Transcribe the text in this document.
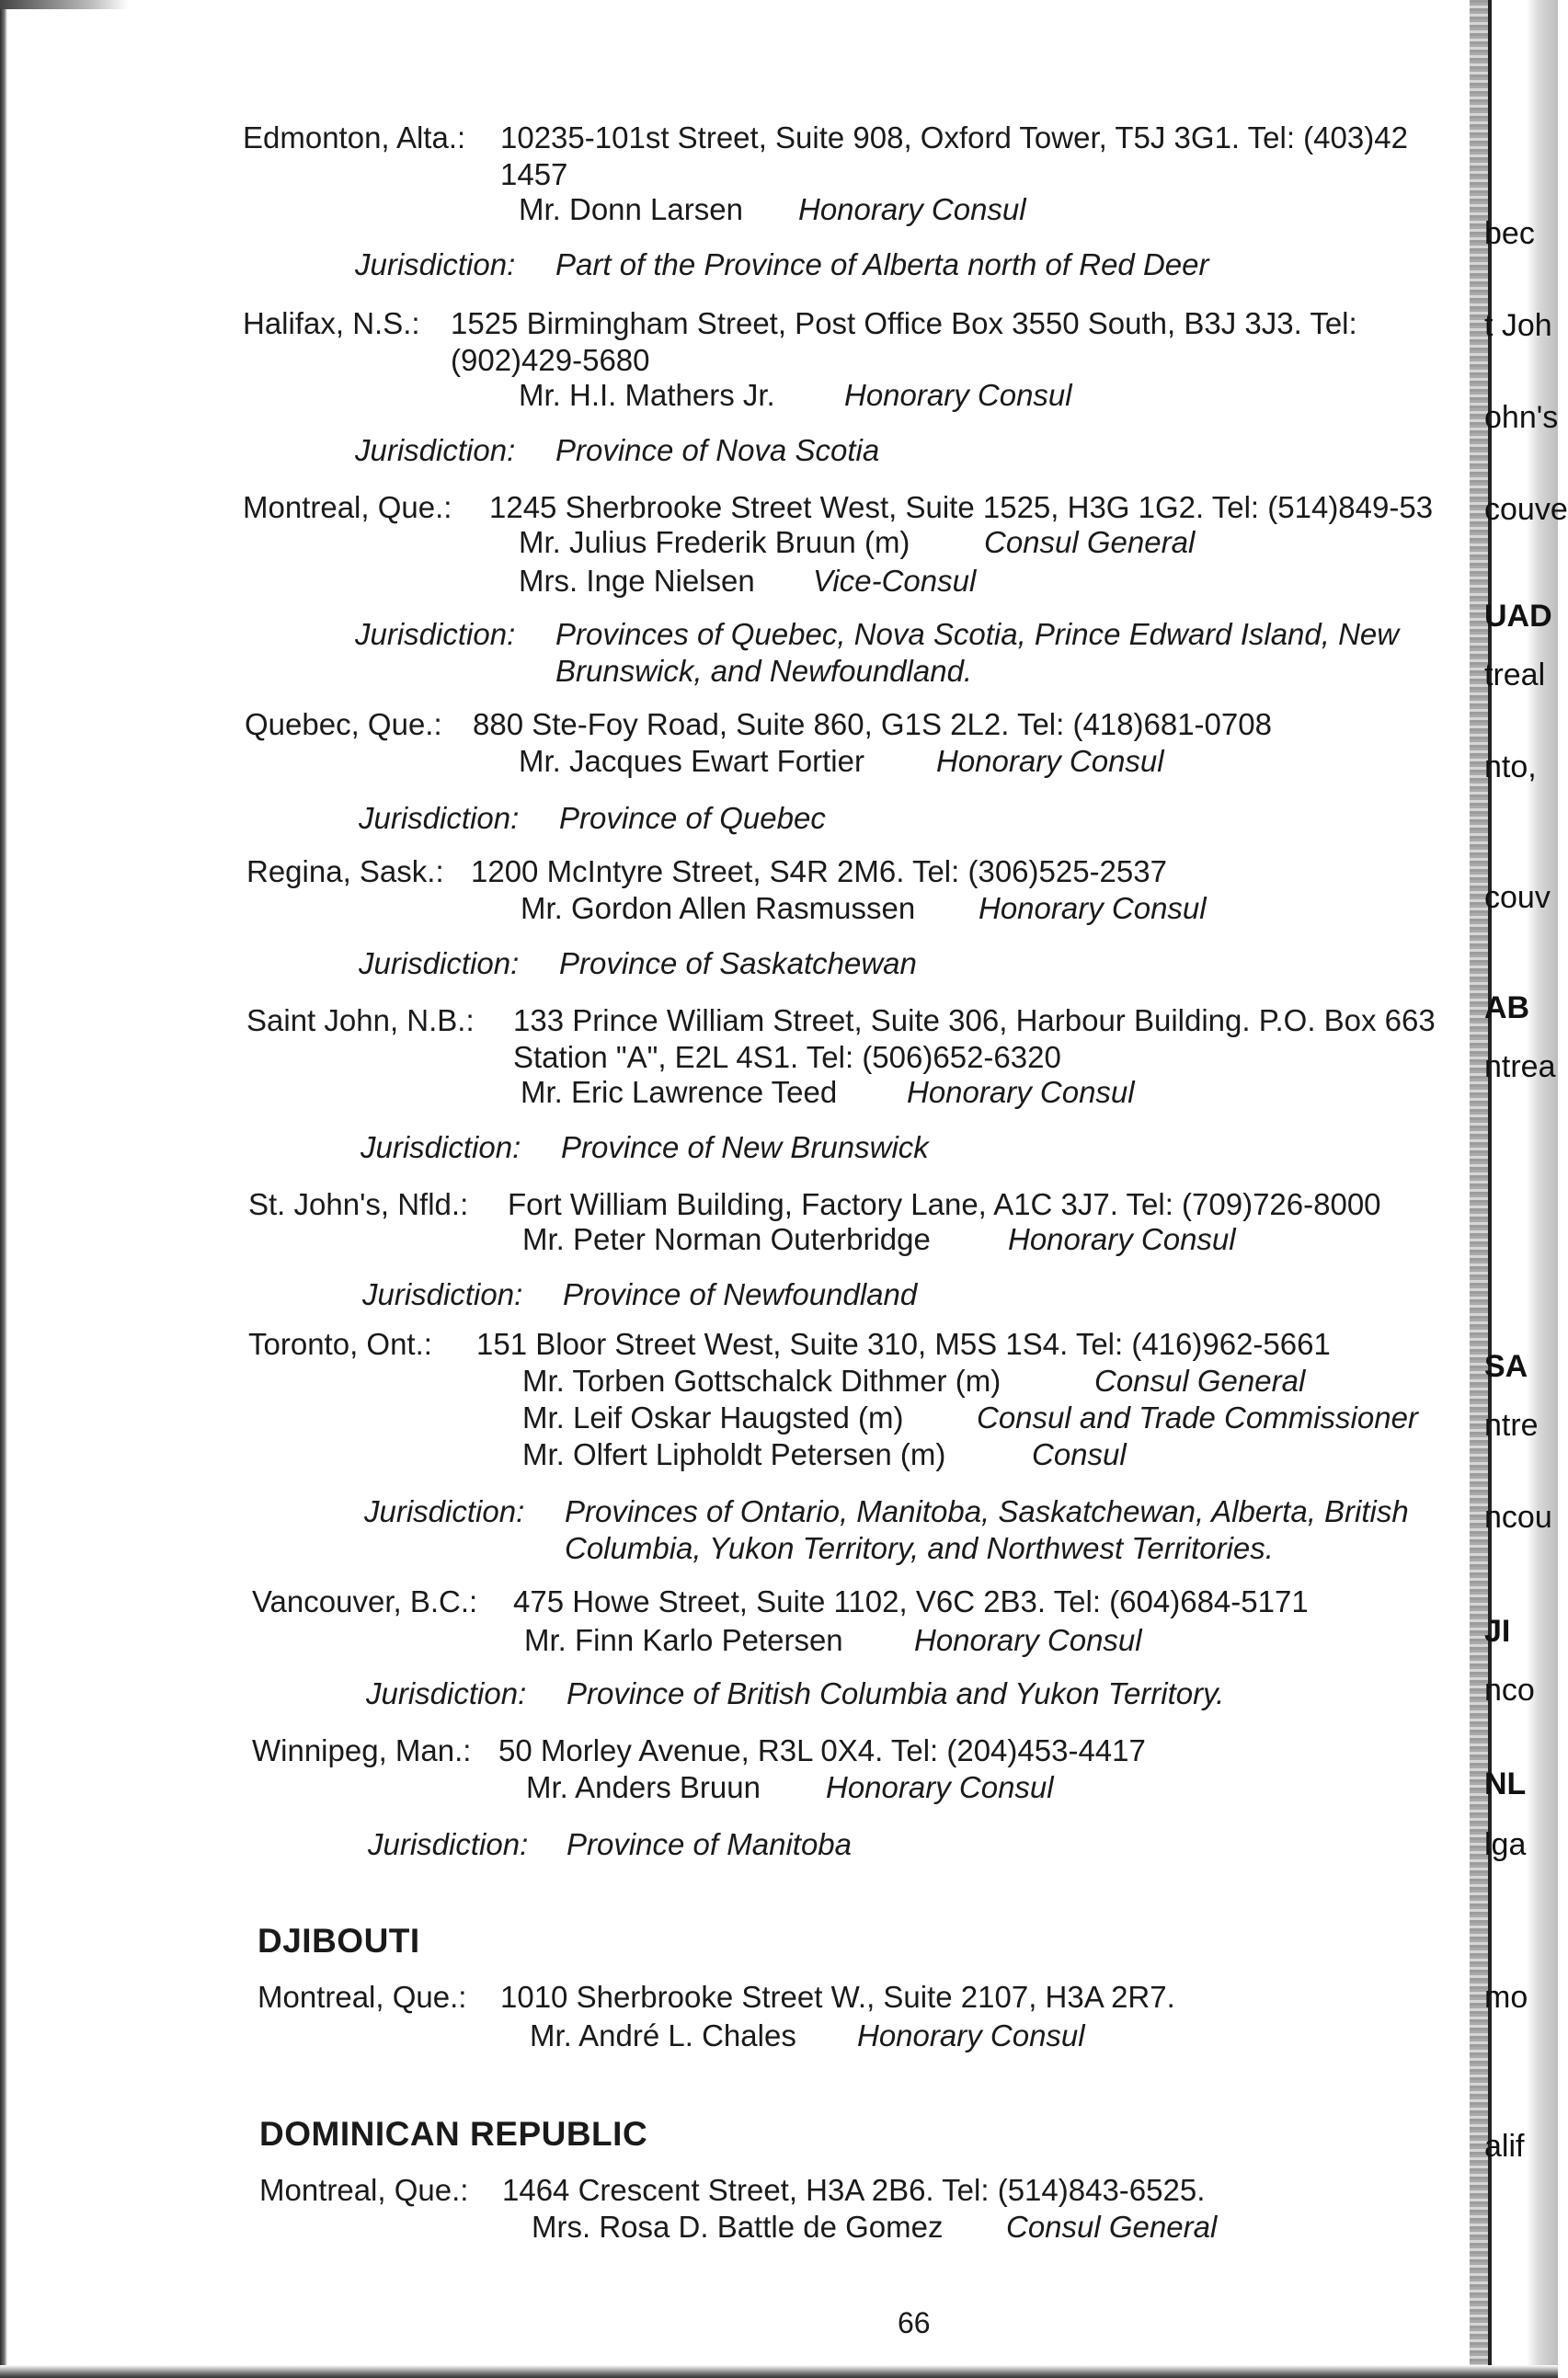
bec
t Joh
ohn's
couve
UAD
treal
nto,
couv
AB
ntrea
SA
ntre
ncou
JI
nco
NL
lga
mo
alif
Edmonton, Alta.: 10235-101st Street, Suite 908, Oxford Tower, T5J 3G1. Tel: (403)42
1457
Mr. Donn Larsen Honorary Consul
Jurisdiction: Part of the Province of Alberta north of Red Deer
Halifax, N.S.: 1525 Birmingham Street, Post Office Box 3550 South, B3J 3J3. Tel:
(902)429-5680
Mr. H.I. Mathers Jr. Honorary Consul
Jurisdiction: Province of Nova Scotia
Montreal, Que.: 1245 Sherbrooke Street West, Suite 1525, H3G 1G2. Tel: (514)849-53
Mr. Julius Frederik Bruun (m) Consul General
Mrs. Inge Nielsen Vice-Consul
Jurisdiction: Provinces of Quebec, Nova Scotia, Prince Edward Island, New
Brunswick, and Newfoundland.
Quebec, Que.: 880 Ste-Foy Road, Suite 860, G1S 2L2. Tel: (418)681-0708
Mr. Jacques Ewart Fortier Honorary Consul
Jurisdiction: Province of Quebec
Regina, Sask.: 1200 McIntyre Street, S4R 2M6. Tel: (306)525-2537
Mr. Gordon Allen Rasmussen Honorary Consul
Jurisdiction: Province of Saskatchewan
Saint John, N.B.: 133 Prince William Street, Suite 306, Harbour Building. P.O. Box 663
Station "A", E2L 4S1. Tel: (506)652-6320
Mr. Eric Lawrence Teed Honorary Consul
Jurisdiction: Province of New Brunswick
St. John's, Nfld.: Fort William Building, Factory Lane, A1C 3J7. Tel: (709)726-8000
Mr. Peter Norman Outerbridge	Honorary Consul
Jurisdiction: Province of Newfoundland
Toronto, Ont.: 151 Bloor Street West, Suite 310, M5S 1S4. Tel: (416)962-5661
Mr. Torben Gottschalck Dithmer (m)	Consul General
Mr. Leif Oskar Haugsted (m) Consul and Trade Commissioner
Mr. Olfert Lipholdt Petersen (m)	Consul
Jurisdiction: Provinces of Ontario, Manitoba, Saskatchewan, Alberta, British
Columbia, Yukon Territory, and Northwest Territories.
Vancouver, B.C.: 475 Howe Street, Suite 1102, V6C 2B3. Tel: (604)684-5171
Mr. Finn Karlo Petersen Honorary Consul
Jurisdiction: Province of British Columbia and Yukon Territory.
Winnipeg, Man.: 50 Morley Avenue, R3L 0X4. Tel: (204)453-4417
Mr. Anders Bruun Honorary Consul
Jurisdiction: Province of Manitoba
DJIBOUTI
Montreal, Que.: 1010 Sherbrooke Street W., Suite 2107, H3A 2R7.
Mr. André L. Chales Honorary Consul
DOMINICAN REPUBLIC
Montreal, Que.: 1464 Crescent Street, H3A 2B6. Tel: (514)843-6525.
Mrs. Rosa D. Battle de Gomez Consul General
66
